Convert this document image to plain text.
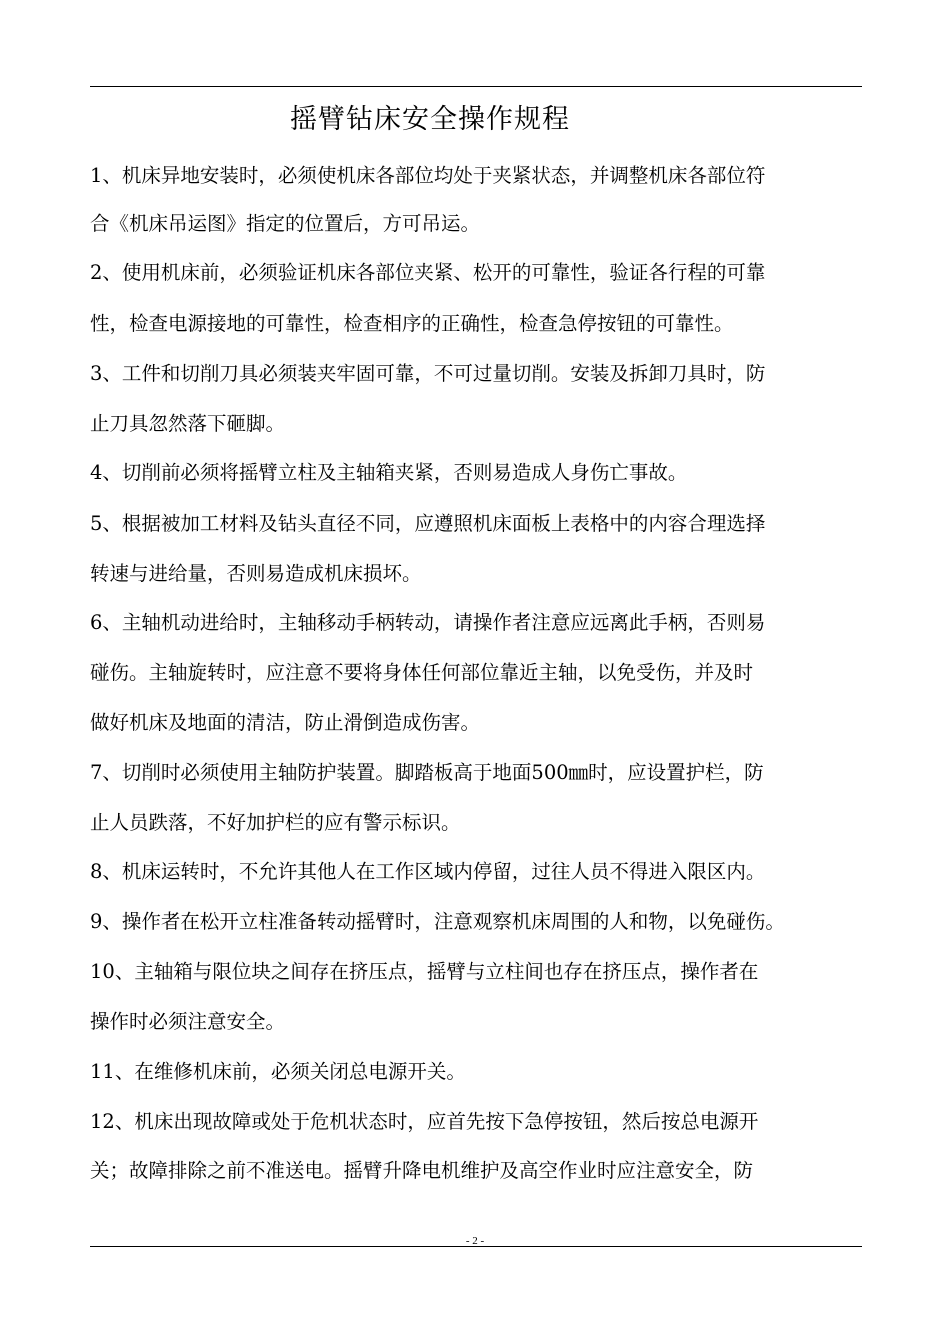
摇臂钻床安全操作规程
1、机床异地安装时，必须使机床各部位均处于夹紧状态，并调整机床各部位符
合《机床吊运图》指定的位置后，方可吊运。
2、使用机床前，必须验证机床各部位夹紧、松开的可靠性，验证各行程的可靠
性，检查电源接地的可靠性，检查相序的正确性，检查急停按钮的可靠性。
3、工件和切削刀具必须装夹牢固可靠，不可过量切削。安装及拆卸刀具时，防
止刀具忽然落下砸脚。
4、切削前必须将摇臂立柱及主轴箱夹紧，否则易造成人身伤亡事故。
5、根据被加工材料及钻头直径不同，应遵照机床面板上表格中的内容合理选择
转速与进给量，否则易造成机床损坏。
6、主轴机动进给时，主轴移动手柄转动，请操作者注意应远离此手柄，否则易
碰伤。主轴旋转时，应注意不要将身体任何部位靠近主轴，以免受伤，并及时
做好机床及地面的清洁，防止滑倒造成伤害。
7、切削时必须使用主轴防护装置。脚踏板高于地面500㎜时，应设置护栏，防
止人员跌落，不好加护栏的应有警示标识。
8、机床运转时，不允许其他人在工作区域内停留，过往人员不得进入限区内。
9、操作者在松开立柱准备转动摇臂时，注意观察机床周围的人和物，以免碰伤。
10、主轴箱与限位块之间存在挤压点，摇臂与立柱间也存在挤压点，操作者在
操作时必须注意安全。
11、在维修机床前，必须关闭总电源开关。
12、机床出现故障或处于危机状态时，应首先按下急停按钮，然后按总电源开
关；故障排除之前不准送电。摇臂升降电机维护及高空作业时应注意安全，防
- 2 -
